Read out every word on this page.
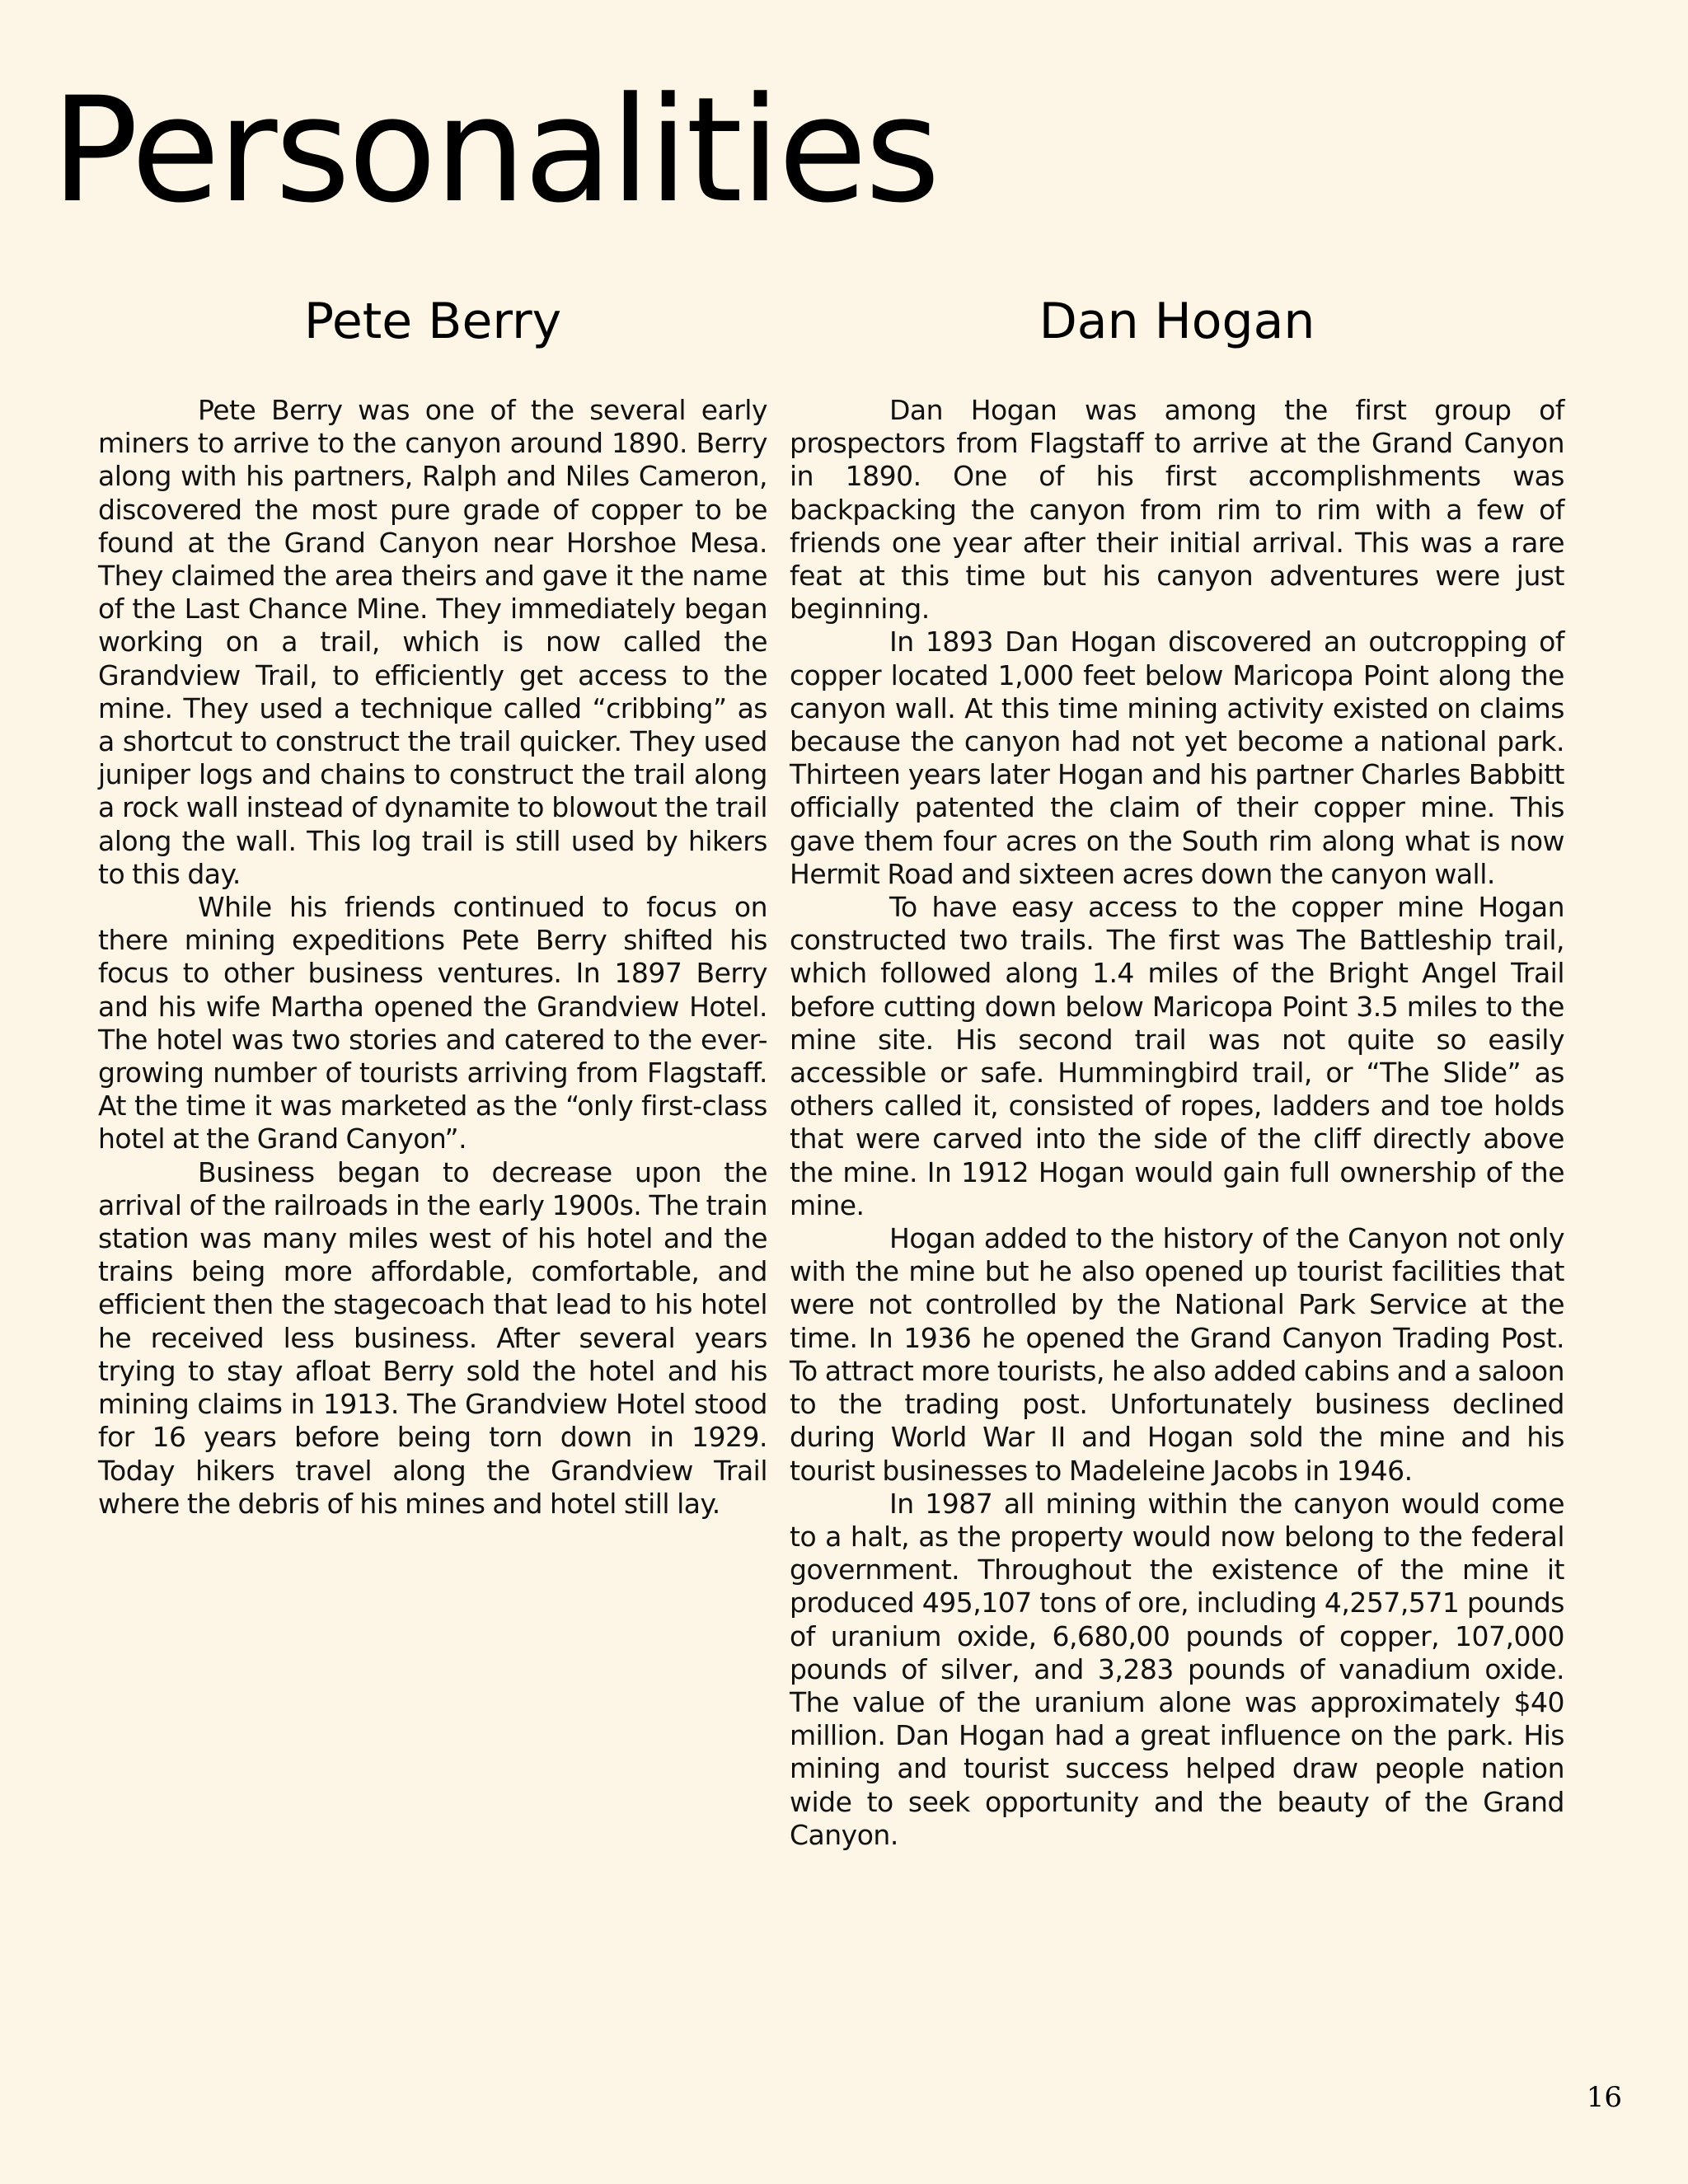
Personalities
Pete Berry

Pete Berry was one of the several early miners to arrive to the canyon around 1890. Berry along with his partners, Ralph and Niles Cameron, discovered the most pure grade of copper to be found at the Grand Canyon near Horshoe Mesa. They claimed the area theirs and gave it the name of the Last Chance Mine. They immediately began working on a trail, which is now called the Grandview Trail, to efficiently get access to the mine. They used a technique called “cribbing” as a shortcut to construct the trail quicker. They used juniper logs and chains to construct the trail along a rock wall instead of dynamite to blowout the trail along the wall. This log trail is still used by hikers to this day.

While his friends continued to focus on there mining expeditions Pete Berry shifted his focus to other business ventures. In 1897 Berry and his wife Martha opened the Grandview Hotel. The hotel was two stories and catered to the ever-growing number of tourists arriving from Flagstaff. At the time it was marketed as the “only first-class hotel at the Grand Canyon”.

Business began to decrease upon the arrival of the railroads in the early 1900s. The train station was many miles west of his hotel and the trains being more affordable, comfortable, and efficient then the stagecoach that lead to his hotel he received less business. After several years trying to stay afloat Berry sold the hotel and his mining claims in 1913. The Grandview Hotel stood for 16 years before being torn down in 1929. Today hikers travel along the Grandview Trail where the debris of his mines and hotel still lay.

Dan Hogan

Dan Hogan was among the first group of prospectors from Flagstaff to arrive at the Grand Canyon in 1890. One of his first accomplishments was backpacking the canyon from rim to rim with a few of friends one year after their initial arrival. This was a rare feat at this time but his canyon adventures were just beginning.

In 1893 Dan Hogan discovered an outcropping of copper located 1,000 feet below Maricopa Point along the canyon wall. At this time mining activity existed on claims because the canyon had not yet become a national park. Thirteen years later Hogan and his partner Charles Babbitt officially patented the claim of their copper mine. This gave them four acres on the South rim along what is now Hermit Road and sixteen acres down the canyon wall.

To have easy access to the copper mine Hogan constructed two trails. The first was The Battleship trail, which followed along 1.4 miles of the Bright Angel Trail before cutting down below Maricopa Point 3.5 miles to the mine site. His second trail was not quite so easily accessible or safe. Hummingbird trail, or “The Slide” as others called it, consisted of ropes, ladders and toe holds that were carved into the side of the cliff directly above the mine. In 1912 Hogan would gain full ownership of the mine.

Hogan added to the history of the Canyon not only with the mine but he also opened up tourist facilities that were not controlled by the National Park Service at the time. In 1936 he opened the Grand Canyon Trading Post. To attract more tourists, he also added cabins and a saloon to the trading post. Unfortunately business declined during World War II and Hogan sold the mine and his tourist businesses to Madeleine Jacobs in 1946.

In 1987 all mining within the canyon would come to a halt, as the property would now belong to the federal government. Throughout the existence of the mine it produced 495,107 tons of ore, including 4,257,571 pounds of uranium oxide, 6,680,00 pounds of copper, 107,000 pounds of silver, and 3,283 pounds of vanadium oxide. The value of the uranium alone was approximately $40 million. Dan Hogan had a great influence on the park. His mining and tourist success helped draw people nation wide to seek opportunity and the beauty of the Grand Canyon.

16
